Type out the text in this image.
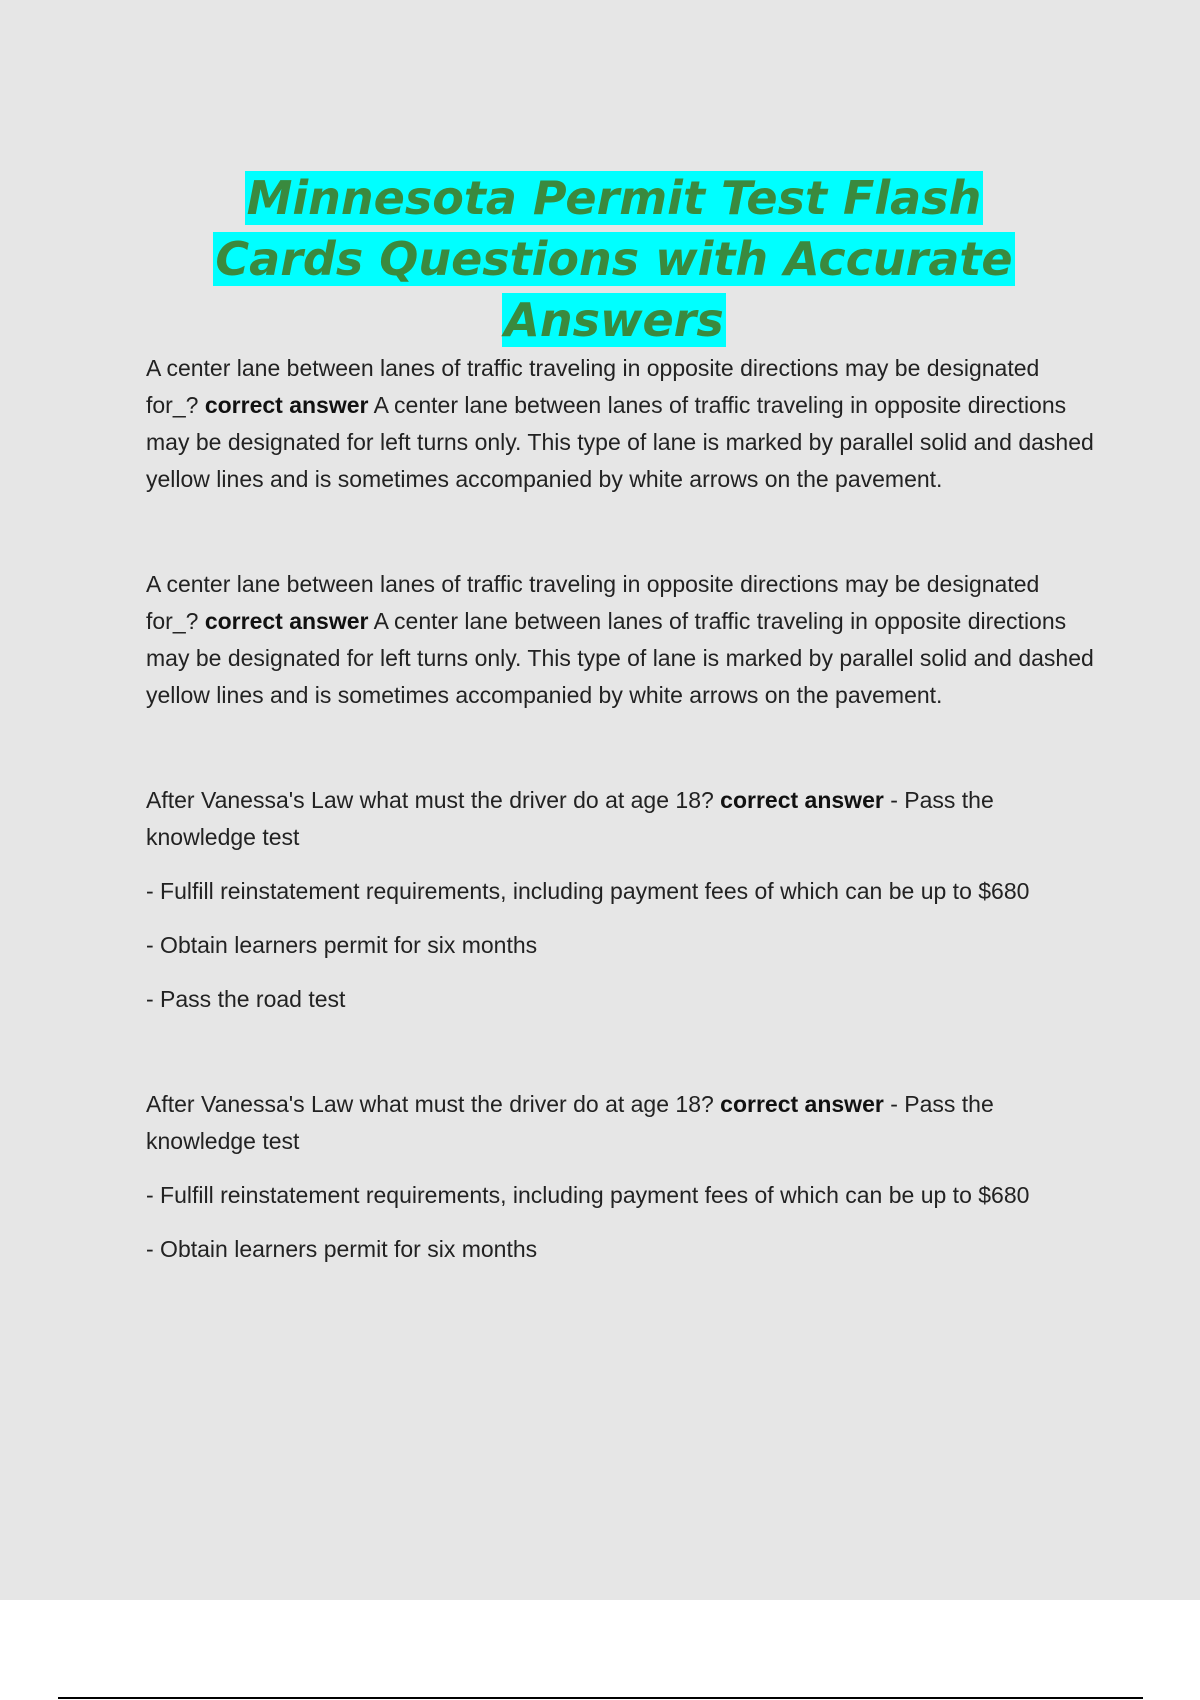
Minnesota Permit Test Flash
Cards Questions with Accurate
Answers

A center lane between lanes of traffic traveling in opposite directions may be designated for_? correct answer A center lane between lanes of traffic traveling in opposite directions may be designated for left turns only. This type of lane is marked by parallel solid and dashed yellow lines and is sometimes accompanied by white arrows on the pavement.

A center lane between lanes of traffic traveling in opposite directions may be designated for_? correct answer A center lane between lanes of traffic traveling in opposite directions may be designated for left turns only. This type of lane is marked by parallel solid and dashed yellow lines and is sometimes accompanied by white arrows on the pavement.

After Vanessa's Law what must the driver do at age 18? correct answer - Pass the knowledge test

- Fulfill reinstatement requirements, including payment fees of which can be up to $680

- Obtain learners permit for six months

- Pass the road test

After Vanessa's Law what must the driver do at age 18? correct answer - Pass the knowledge test

- Fulfill reinstatement requirements, including payment fees of which can be up to $680

- Obtain learners permit for six months
